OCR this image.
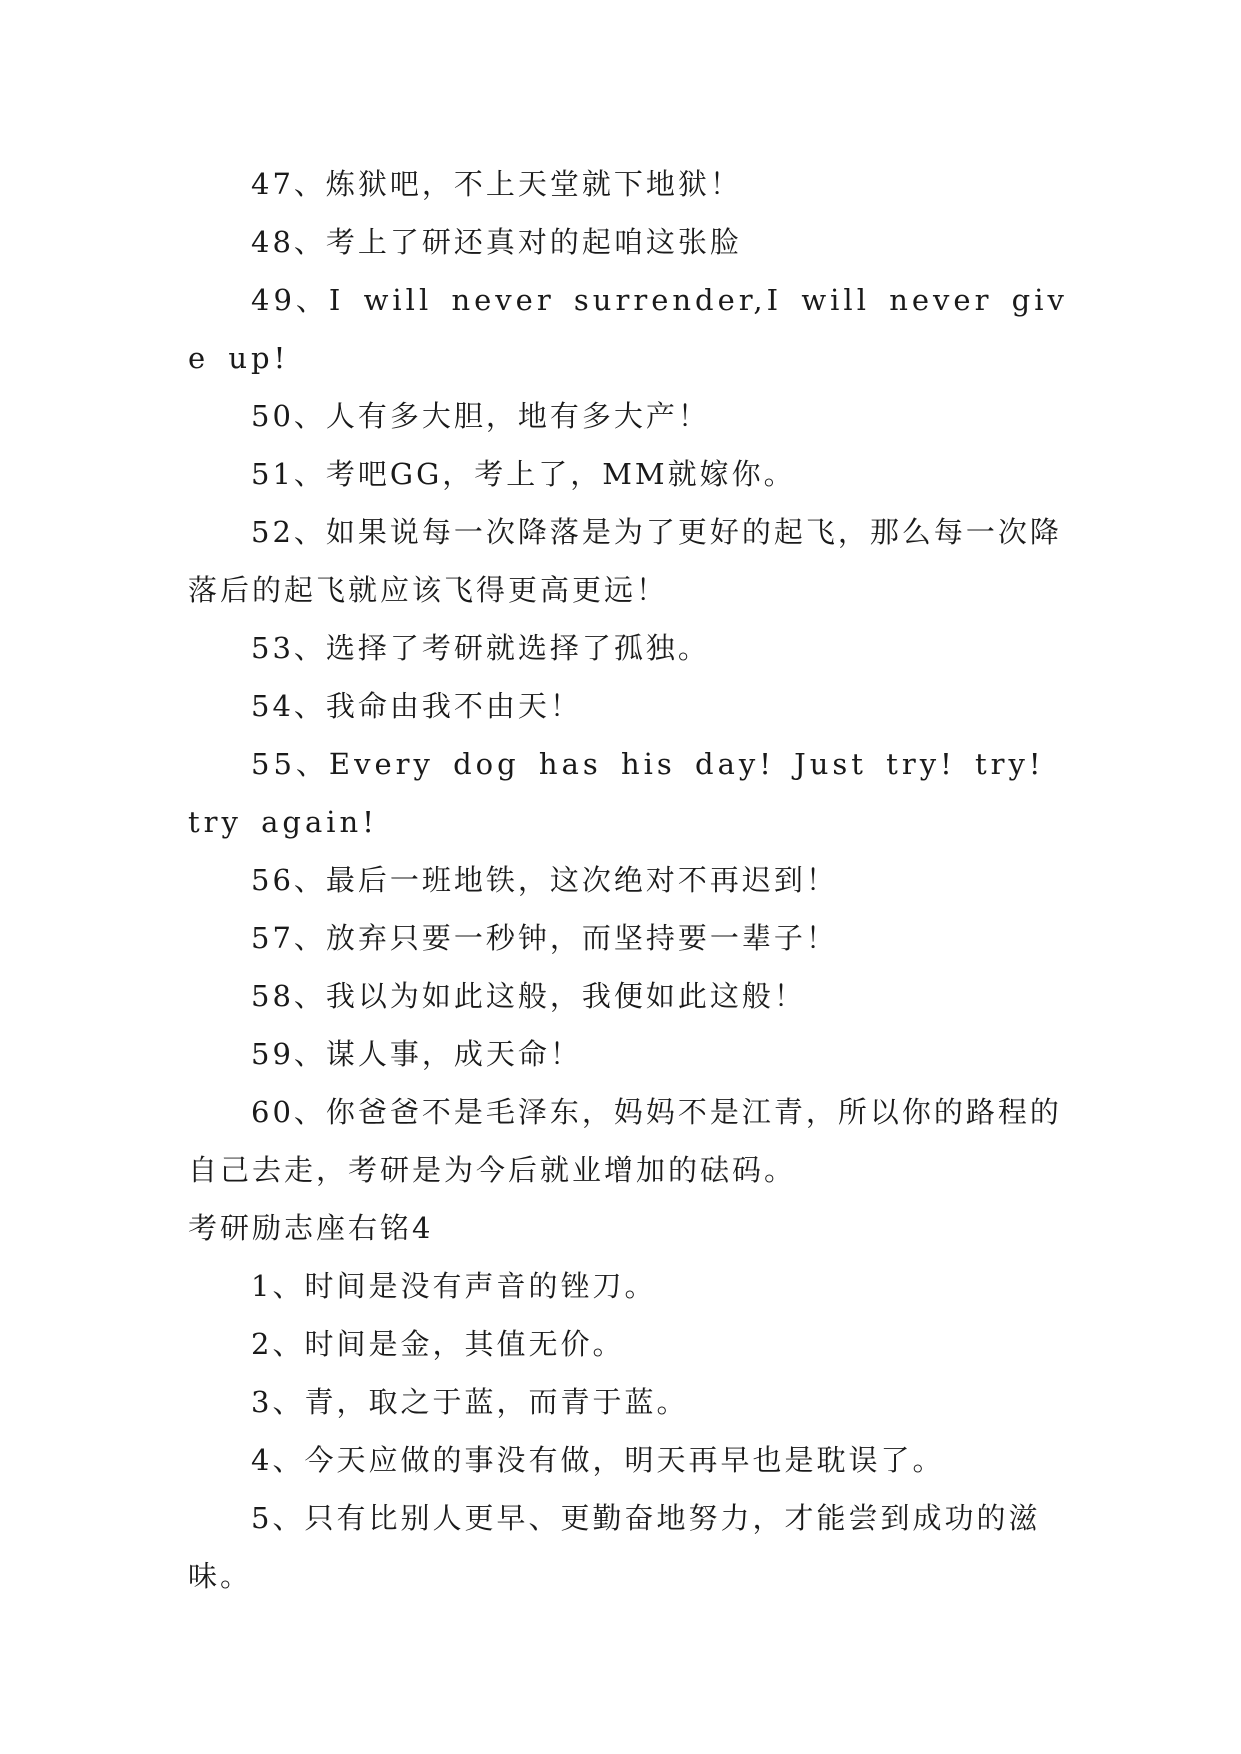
47、炼狱吧，不上天堂就下地狱！

48、考上了研还真对的起咱这张脸

49、I will never surrender,I will never give up!

50、人有多大胆，地有多大产！

51、考吧GG，考上了，MM就嫁你。

52、如果说每一次降落是为了更好的起飞，那么每一次降落后的起飞就应该飞得更高更远！

53、选择了考研就选择了孤独。

54、我命由我不由天！

55、Every dog has his day! Just try! try! try again!

56、最后一班地铁，这次绝对不再迟到！

57、放弃只要一秒钟，而坚持要一辈子！

58、我以为如此这般，我便如此这般！

59、谋人事，成天命！

60、你爸爸不是毛泽东，妈妈不是江青，所以你的路程的自己去走，考研是为今后就业增加的砝码。

考研励志座右铭4

1、时间是没有声音的锉刀。

2、时间是金，其值无价。

3、青，取之于蓝，而青于蓝。

4、今天应做的事没有做，明天再早也是耽误了。

5、只有比别人更早、更勤奋地努力，才能尝到成功的滋味。
